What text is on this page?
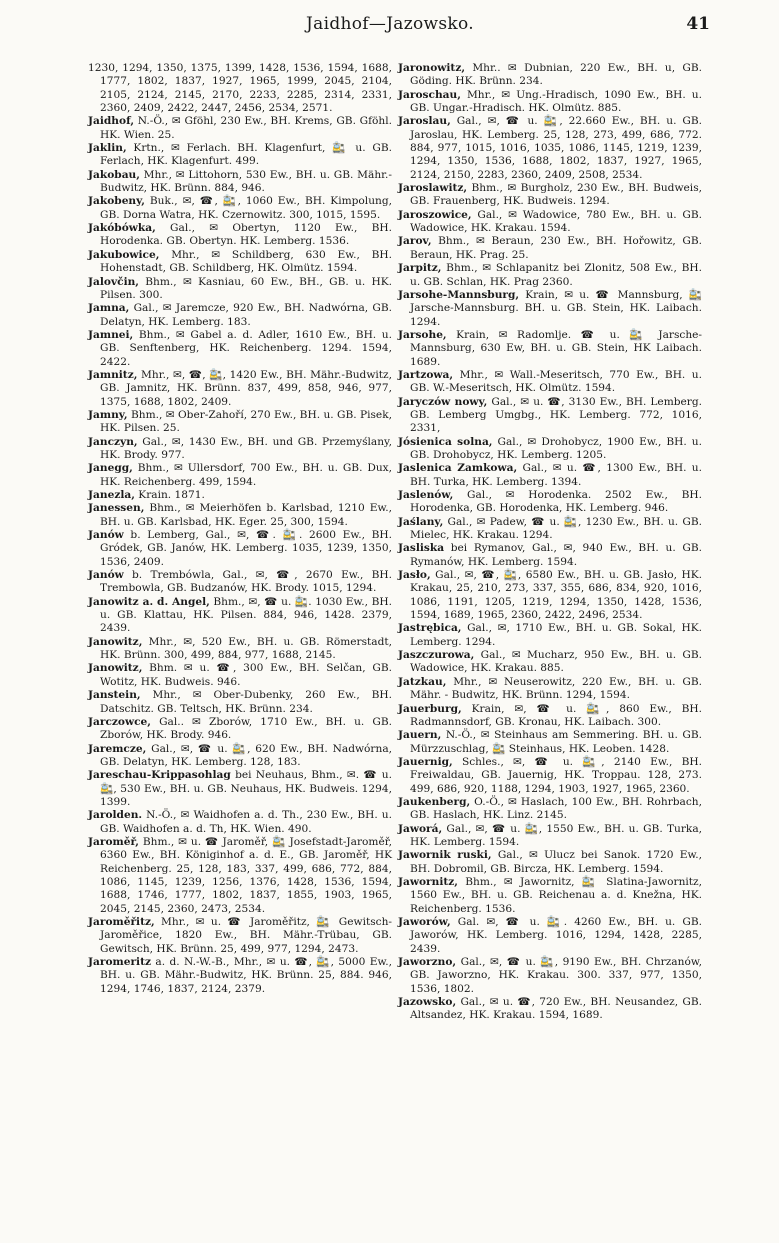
Jaidhof—Jazowsko.	41

1230, 1294, 1350, 1375, 1399, 1428, 1536, 1594, 1688, 1777, 1802, 1837, 1927, 1965, 1999, 2045, 2104, 2105, 2124, 2145, 2170, 2233, 2285, 2314, 2331, 2360, 2409, 2422, 2447, 2456, 2534, 2571.

Jaidhof, N.-Ö., ✉ Gföhl, 230 Ew., BH. Krems, GB. Gföhl. HK. Wien. 25.

Jaklin, Krtn., ✉ Ferlach. BH. Klagenfurt, 🚉 u. GB. Ferlach, HK. Klagenfurt. 499.

Jakobau, Mhr., ✉ Littohorn, 530 Ew., BH. u. GB. Mähr.-Budwitz, HK. Brünn. 884, 946.

Jakobeny, Buk., ✉, ☎, 🚉, 1060 Ew., BH. Kimpolung, GB. Dorna Watra, HK. Czernowitz. 300, 1015, 1595.

Jakóbówka, Gal., ✉ Obertyn, 1120 Ew., BH. Horodenka. GB. Obertyn. HK. Lemberg. 1536.

Jakubowice, Mhr., ✉ Schildberg, 630 Ew., BH. Hohenstadt, GB. Schildberg, HK. Olmütz. 1594.

Jalovčin, Bhm., ✉ Kasniau, 60 Ew., BH., GB. u. HK. Pilsen. 300.

Jamna, Gal., ✉ Jaremcze, 920 Ew., BH. Nadwórna, GB. Delatyn, HK. Lemberg. 183.

Jamnei, Bhm., ✉ Gabel a. d. Adler, 1610 Ew., BH. u. GB. Senftenberg, HK. Reichenberg. 1294. 1594, 2422.

Jamnitz, Mhr., ✉, ☎, 🚉, 1420 Ew., BH. Mähr.-Budwitz, GB. Jamnitz, HK. Brünn. 837, 499, 858, 946, 977, 1375, 1688, 1802, 2409.

Jamny, Bhm., ✉ Ober-Zahoří, 270 Ew., BH. u. GB. Pisek, HK. Pilsen. 25.

Janczyn, Gal., ✉, 1430 Ew., BH. und GB. Przemyślany, HK. Brody. 977.

Janegg, Bhm., ✉ Ullersdorf, 700 Ew., BH. u. GB. Dux, HK. Reichenberg. 499, 1594.

Janezla, Krain. 1871.

Janessen, Bhm., ✉ Meierhöfen b. Karlsbad, 1210 Ew., BH. u. GB. Karlsbad, HK. Eger. 25, 300, 1594.

Janów b. Lemberg, Gal., ✉, ☎. 🚉. 2600 Ew., BH. Gródek, GB. Janów, HK. Lemberg. 1035, 1239, 1350, 1536, 2409.

Janów b. Trembówla, Gal., ✉, ☎, 2670 Ew., BH. Trembowla, GB. Budzanów, HK. Brody. 1015, 1294.

Janowitz a. d. Angel, Bhm., ✉, ☎ u. 🚉. 1030 Ew., BH. u. GB. Klattau, HK. Pilsen. 884, 946, 1428. 2379, 2439.

Janowitz, Mhr., ✉, 520 Ew., BH. u. GB. Römerstadt, HK. Brünn. 300, 499, 884, 977, 1688, 2145.

Janowitz, Bhm. ✉ u. ☎, 300 Ew., BH. Selčan, GB. Wotitz, HK. Budweis. 946.

Janstein, Mhr., ✉ Ober-Dubenky, 260 Ew., BH. Datschitz. GB. Teltsch, HK. Brünn. 234.

Jarczowce, Gal.. ✉ Zborów, 1710 Ew., BH. u. GB. Zborów, HK. Brody. 946.

Jaremcze, Gal., ✉, ☎ u. 🚉, 620 Ew., BH. Nadwórna, GB. Delatyn, HK. Lemberg. 128, 183.

Jareschau-Krippasohlag bei Neuhaus, Bhm., ✉. ☎ u. 🚉, 530 Ew., BH. u. GB. Neuhaus, HK. Budweis. 1294, 1399.

Jarolden. N.-Ö., ✉ Waidhofen a. d. Th., 230 Ew., BH. u. GB. Waidhofen a. d. Th, HK. Wien. 490.

Jaroměř, Bhm., ✉ u. ☎ Jaroměř, 🚉 Josefstadt-Jaroměř, 6360 Ew., BH. Königinhof a. d. E., GB. Jaroměř, HK Reichenberg. 25, 128, 183, 337, 499, 686, 772, 884, 1086, 1145, 1239, 1256, 1376, 1428, 1536, 1594, 1688, 1746, 1777, 1802, 1837, 1855, 1903, 1965, 2045, 2145, 2360, 2473, 2534.

Jaroměřitz, Mhr., ✉ u. ☎ Jaroměřitz, 🚉 Gewitsch-Jaroměřice, 1820 Ew., BH. Mähr.-Trübau, GB. Gewitsch, HK. Brünn. 25, 499, 977, 1294, 2473.

Jaromeritz a. d. N.-W.-B., Mhr., ✉ u. ☎, 🚉, 5000 Ew., BH. u. GB. Mähr.-Budwitz, HK. Brünn. 25, 884. 946, 1294, 1746, 1837, 2124, 2379.

Jaronowitz, Mhr.. ✉ Dubnian, 220 Ew., BH. u, GB. Göding. HK. Brünn. 234.

Jaroschau, Mhr., ✉ Ung.-Hradisch, 1090 Ew., BH. u. GB. Ungar.-Hradisch. HK. Olmütz. 885.

Jaroslau, Gal., ✉, ☎ u. 🚉, 22.660 Ew., BH. u. GB. Jaroslau, HK. Lemberg. 25, 128, 273, 499, 686, 772. 884, 977, 1015, 1016, 1035, 1086, 1145, 1219, 1239, 1294, 1350, 1536, 1688, 1802, 1837, 1927, 1965, 2124, 2150, 2283, 2360, 2409, 2508, 2534.

Jaroslawitz, Bhm., ✉ Burgholz, 230 Ew., BH. Budweis, GB. Frauenberg, HK. Budweis. 1294.

Jaroszowice, Gal., ✉ Wadowice, 780 Ew., BH. u. GB. Wadowice, HK. Krakau. 1594.

Jarov, Bhm., ✉ Beraun, 230 Ew., BH. Hořowitz, GB. Beraun, HK. Prag. 25.

Jarpitz, Bhm., ✉ Schlapanitz bei Zlonitz, 508 Ew., BH. u. GB. Schlan, HK. Prag 2360.

Jarsohe-Mannsburg, Krain, ✉ u. ☎ Mannsburg, 🚉 Jarsche-Mannsburg. BH. u. GB. Stein, HK. Laibach. 1294.

Jarsohe, Krain, ✉ Radomlje. ☎ u. 🚉 Jarsche-Mannsburg, 630 Ew, BH. u. GB. Stein, HK Laibach. 1689.

Jartzowa, Mhr., ✉ Wall.-Meseritsch, 770 Ew., BH. u. GB. W.-Meseritsch, HK. Olmütz. 1594.

Jaryczów nowy, Gal., ✉ u. ☎, 3130 Ew., BH. Lemberg. GB. Lemberg Umgbg., HK. Lemberg. 772, 1016, 2331,

Jósienica solna, Gal., ✉ Drohobycz, 1900 Ew., BH. u. GB. Drohobycz, HK. Lemberg. 1205.

Jaslenica Zamkowa, Gal., ✉ u. ☎, 1300 Ew., BH. u. BH. Turka, HK. Lemberg. 1394.

Jaslenów, Gal., ✉ Horodenka. 2502 Ew., BH. Horodenka, GB. Horodenka, HK. Lemberg. 946.

Jaślany, Gal., ✉ Padew, ☎ u. 🚉, 1230 Ew., BH. u. GB. Mielec, HK. Krakau. 1294.

Jasliska bei Rymanov, Gal., ✉, 940 Ew., BH. u. GB. Rymanów, HK. Lemberg. 1594.

Jasło, Gal., ✉, ☎, 🚉, 6580 Ew., BH. u. GB. Jasło, HK. Krakau, 25, 210, 273, 337, 355, 686, 834, 920, 1016, 1086, 1191, 1205, 1219, 1294, 1350, 1428, 1536, 1594, 1689, 1965, 2360, 2422, 2496, 2534.

Jastrębica, Gal., ✉, 1710 Ew., BH. u. GB. Sokal, HK. Lemberg. 1294.

Jaszczurowa, Gal., ✉ Mucharz, 950 Ew., BH. u. GB. Wadowice, HK. Krakau. 885.

Jatzkau, Mhr., ✉ Neuserowitz, 220 Ew., BH. u. GB. Mähr. - Budwitz, HK. Brünn. 1294, 1594.

Jauerburg, Krain, ✉, ☎ u. 🚉, 860 Ew., BH. Radmannsdorf, GB. Kronau, HK. Laibach. 300.

Jauern, N.-Ö., ✉ Steinhaus am Semmering. BH. u. GB. Mürzzuschlag, 🚉 Steinhaus, HK. Leoben. 1428.

Jauernig, Schles., ✉, ☎ u. 🚉, 2140 Ew., BH. Freiwaldau, GB. Jauernig, HK. Troppau. 128, 273. 499, 686, 920, 1188, 1294, 1903, 1927, 1965, 2360.

Jaukenberg, O.-Ö., ✉ Haslach, 100 Ew., BH. Rohrbach, GB. Haslach, HK. Linz. 2145.

Jaworá, Gal., ✉, ☎ u. 🚉, 1550 Ew., BH. u. GB. Turka, HK. Lemberg. 1594.

Jawornik ruski, Gal., ✉ Ulucz bei Sanok. 1720 Ew., BH. Dobromil, GB. Bircza, HK. Lemberg. 1594.

Jawornitz, Bhm., ✉ Jawornitz, 🚉 Slatina-Jawornitz, 1560 Ew., BH. u. GB. Reichenau a. d. Knežna, HK. Reichenberg. 1536.

Jaworów, Gal. ✉, ☎ u. 🚉. 4260 Ew., BH. u. GB. Jaworów, HK. Lemberg. 1016, 1294, 1428, 2285, 2439.

Jaworzno, Gal., ✉, ☎ u. 🚉, 9190 Ew., BH. Chrzanów, GB. Jaworzno, HK. Krakau. 300. 337, 977, 1350, 1536, 1802.

Jazowsko, Gal., ✉ u. ☎, 720 Ew., BH. Neusandez, GB. Altsandez, HK. Krakau. 1594, 1689.
